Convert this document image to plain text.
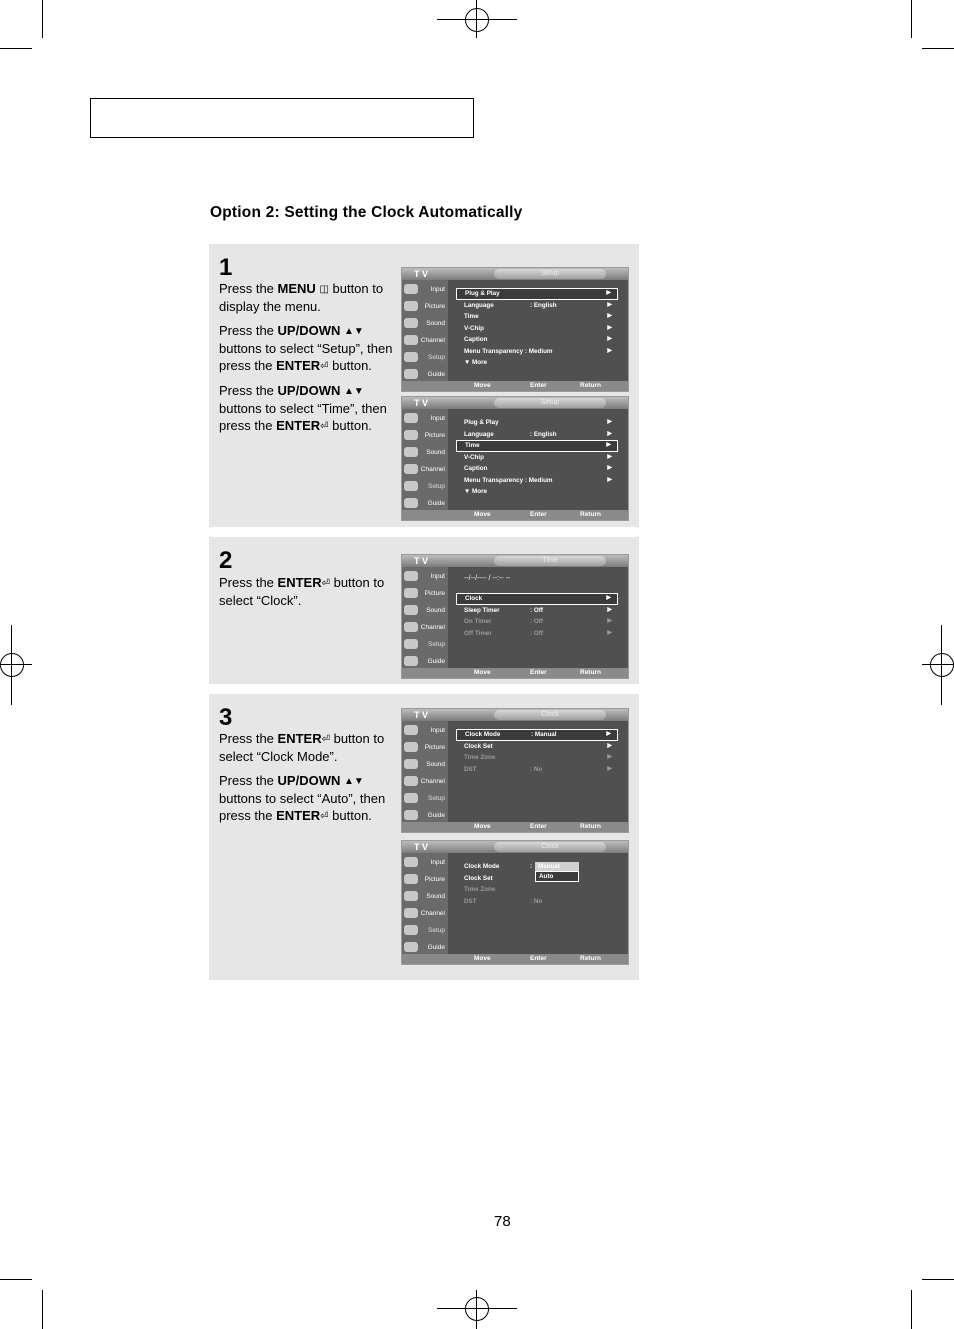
Option 2: Setting the Clock Automatically
1

Press the MENU ◫ button to display the menu.

Press the UP/DOWN ▲▼ buttons to select “Setup”, then press the ENTER⏎ button.

Press the UP/DOWN ▲▼ buttons to select “Time”, then press the ENTER⏎ button.

T V	Setup
Input
Picture
Sound
Channel
Setup
Guide
Plug & Play	▶
Language	: English	▶
Time	▶
V-Chip	▶
Caption	▶
Menu Transparency : Medium	▶
▼ More
Move	Enter	Return
T V	Setup
Input
Picture
Sound
Channel
Setup
Guide
Plug & Play	▶
Language	: English	▶
Time	▶
V-Chip	▶
Caption	▶
Menu Transparency : Medium	▶
▼ More
Move	Enter	Return
2

Press the ENTER⏎ button to select “Clock”.

T V	Time
Input
Picture
Sound
Channel
Setup
Guide
--/--/---- / --:-- --
Clock	▶
Sleep Timer	: Off	▶
On Timer	: Off	▶
Off Timer	: Off	▶
Move	Enter	Return
3

Press the ENTER⏎ button to select “Clock Mode”.

Press the UP/DOWN ▲▼ buttons to select “Auto”, then press the ENTER⏎ button.

T V	Clock
Input
Picture
Sound
Channel
Setup
Guide
Clock Mode	: Manual	▶
Clock Set	▶
Time Zone	▶
DST	: No	▶
Move	Enter	Return
T V	Clock
Input
Picture
Sound
Channel
Setup
Guide
Clock Mode	:
Clock Set
Time Zone
DST	: No
Manual
Auto
Move	Enter	Return
78
